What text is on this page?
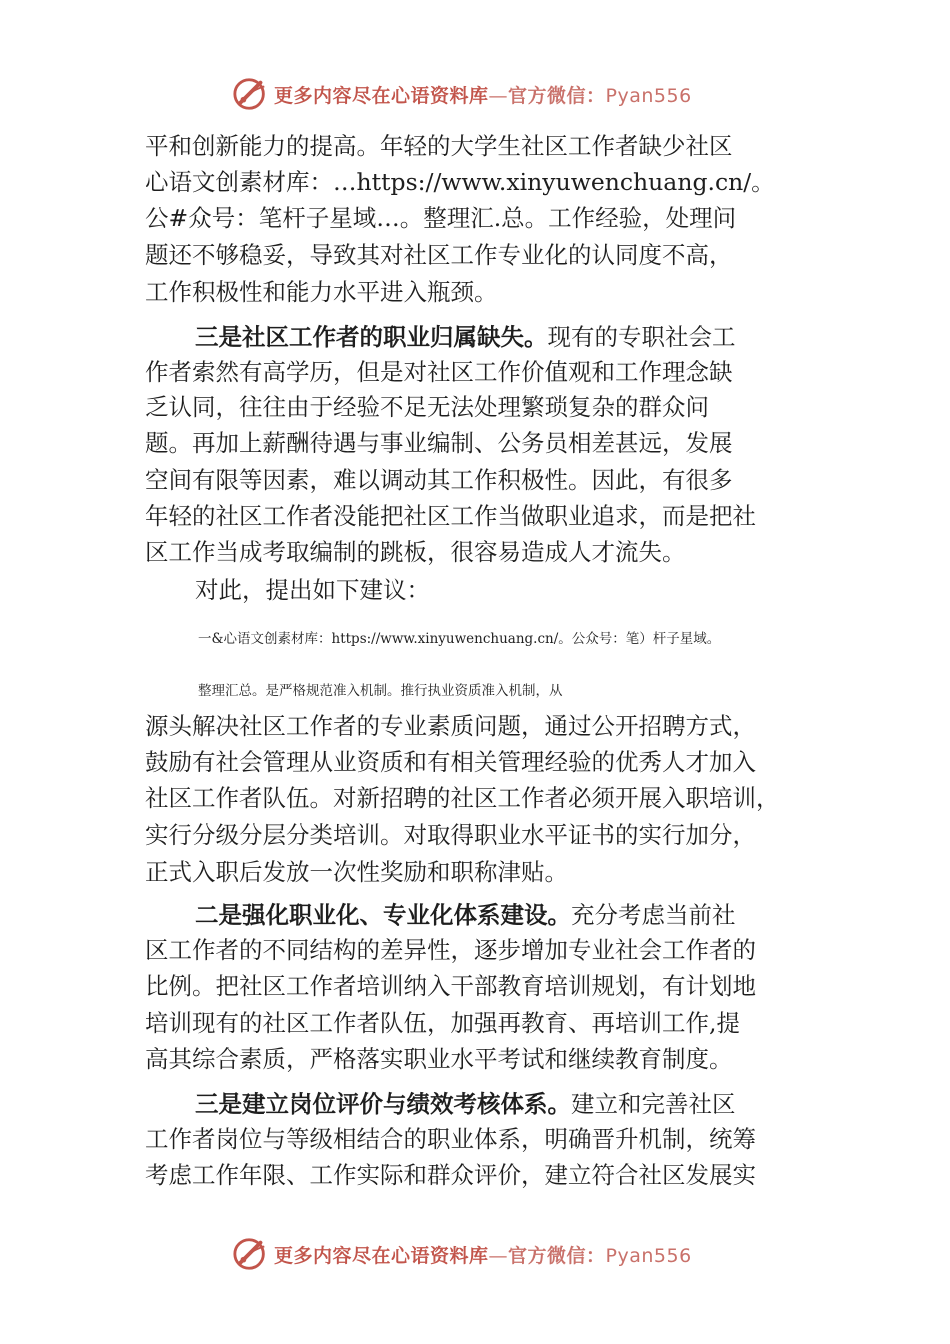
更多内容尽在心语资料库—官方微信：Pyan556
平和创新能力的提高。年轻的大学生社区工作者缺少社区
心语文创素材库：…https://www.xinyuwenchuang.cn/。
公#众号：笔杆子星域…。整理汇.总。工作经验，处理问
题还不够稳妥，导致其对社区工作专业化的认同度不高，
工作积极性和能力水平进入瓶颈。
三是社区工作者的职业归属缺失。现有的专职社会工
作者索然有高学历，但是对社区工作价值观和工作理念缺
乏认同，往往由于经验不足无法处理繁琐复杂的群众问
题。再加上薪酬待遇与事业编制、公务员相差甚远，发展
空间有限等因素，难以调动其工作积极性。因此，有很多
年轻的社区工作者没能把社区工作当做职业追求，而是把社
区工作当成考取编制的跳板，很容易造成人才流失。
对此，提出如下建议：
一&心语文创素材库：https://www.xinyuwenchuang.cn/。公众号：笔）杆子星域。
整理汇总。是严格规范准入机制。推行执业资质准入机制，从
源头解决社区工作者的专业素质问题，通过公开招聘方式，
鼓励有社会管理从业资质和有相关管理经验的优秀人才加入
社区工作者队伍。对新招聘的社区工作者必须开展入职培训，
实行分级分层分类培训。对取得职业水平证书的实行加分，
正式入职后发放一次性奖励和职称津贴。
二是强化职业化、专业化体系建设。充分考虑当前社
区工作者的不同结构的差异性，逐步增加专业社会工作者的
比例。把社区工作者培训纳入干部教育培训规划，有计划地
培训现有的社区工作者队伍，加强再教育、再培训工作,提
高其综合素质，严格落实职业水平考试和继续教育制度。
三是建立岗位评价与绩效考核体系。建立和完善社区
工作者岗位与等级相结合的职业体系，明确晋升机制，统筹
考虑工作年限、工作实际和群众评价，建立符合社区发展实
更多内容尽在心语资料库—官方微信：Pyan556
